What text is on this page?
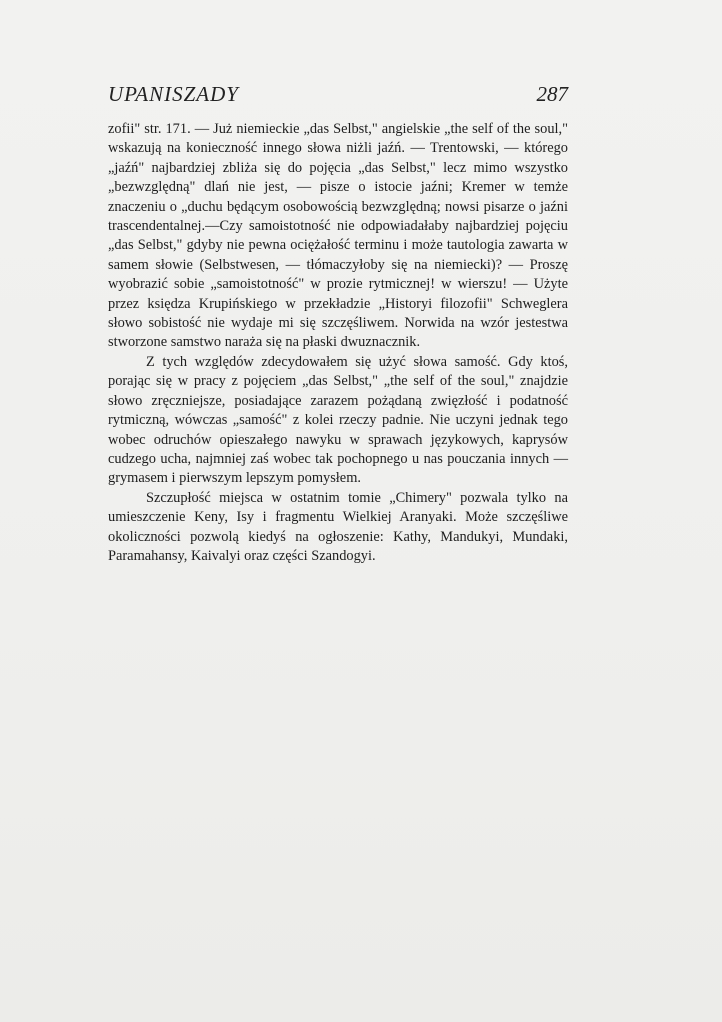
UPANISZADY	287

zofii" str. 171. — Już niemieckie „das Selbst," angielskie „the self of the soul," wskazują na konieczność innego słowa niżli jaźń. — Trentowski, — którego „jaźń" najbardziej zbliża się do pojęcia „das Selbst," lecz mimo wszystko „bezwzględną" dlań nie jest, — pisze o istocie jaźni; Kremer w temże znaczeniu o „duchu będącym osobowością bezwzględną; nowsi pisarze o jaźni trascendentalnej.—Czy samoistotność nie odpowiadałaby najbardziej pojęciu „das Selbst," gdyby nie pewna ociężałość terminu i może tautologia zawarta w samem słowie (Selbstwesen, — tłómaczyłoby się na niemiecki)? — Proszę wyobrazić sobie „samoistotność" w prozie rytmicznej! w wierszu! — Użyte przez księdza Krupińskiego w przekładzie „Historyi filozofii" Schweglera słowo sobistość nie wydaje mi się szczęśliwem. Norwida na wzór jestestwa stworzone samstwo naraża się na płaski dwuznacznik.

Z tych względów zdecydowałem się użyć słowa samość. Gdy ktoś, porając się w pracy z pojęciem „das Selbst," „the self of the soul," znajdzie słowo zręczniejsze, posiadające zarazem pożądaną zwięzłość i podatność rytmiczną, wówczas „samość" z kolei rzeczy padnie. Nie uczyni jednak tego wobec odruchów opieszałego nawyku w sprawach językowych, kaprysów cudzego ucha, najmniej zaś wobec tak pochopnego u nas pouczania innych — grymasem i pierwszym lepszym pomysłem.

Szczupłość miejsca w ostatnim tomie „Chimery" pozwala tylko na umieszczenie Keny, Isy i fragmentu Wielkiej Aranyaki. Może szczęśliwe okoliczności pozwolą kiedyś na ogłoszenie: Kathy, Mandukyi, Mundaki, Paramahansy, Kaivalyi oraz części Szandogyi.
